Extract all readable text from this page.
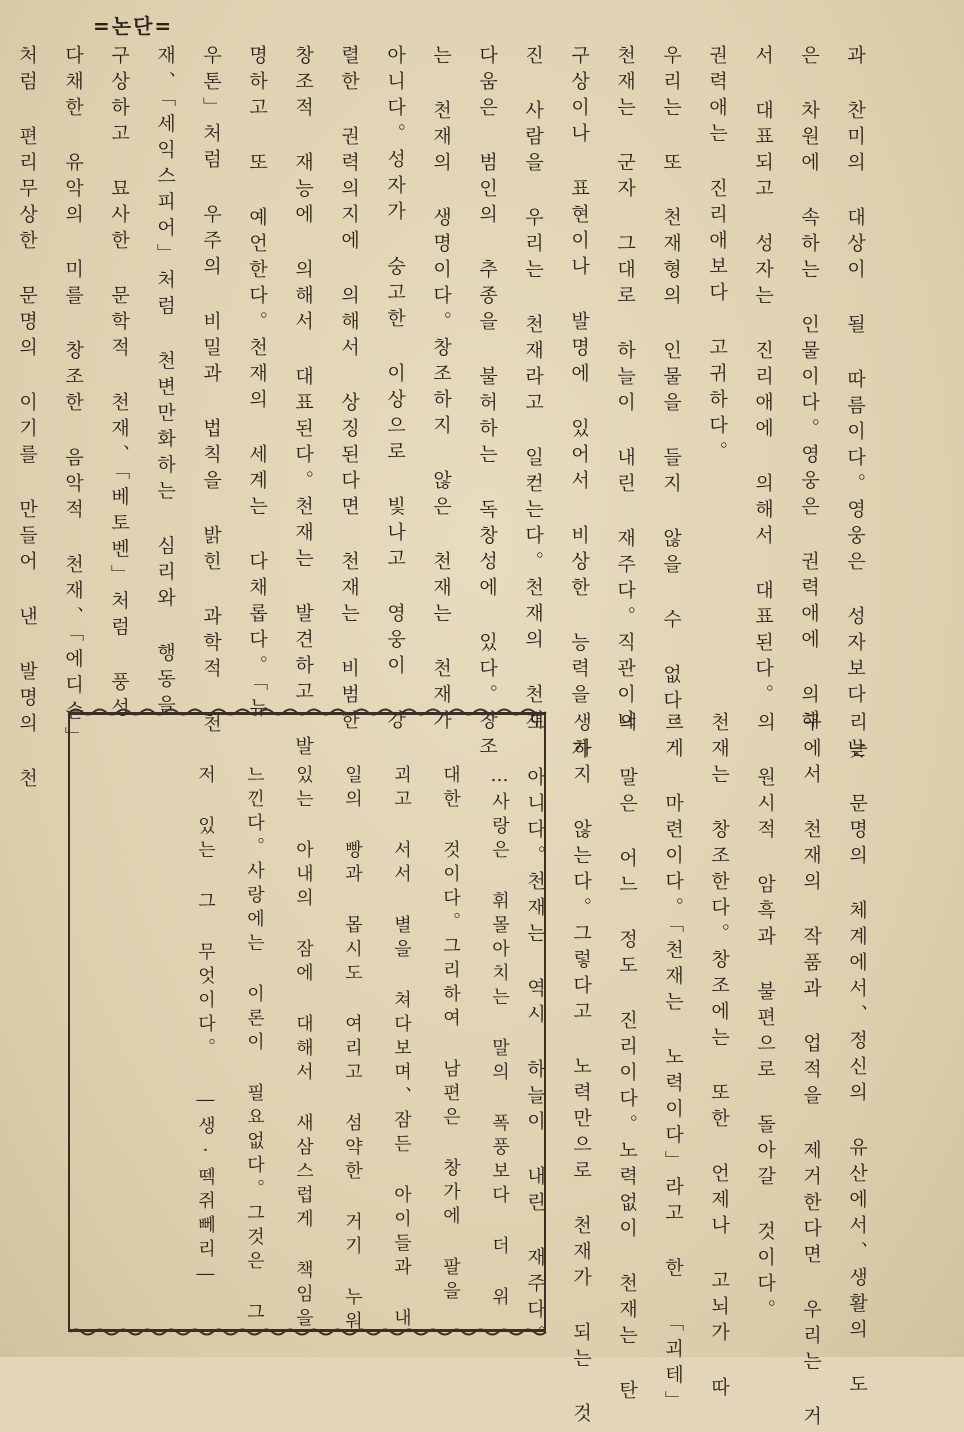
=논단=
과 찬미의 대상이 될 따름이다。영웅은 성자보다 낮
은 차원에 속하는 인물이다。영웅은 권력애에 의해
서 대표되고 성자는 진리애에 의해서 대표된다。
권력애는 진리애보다 고귀하다。
우리는 또 천재형의 인물을 들지 않을 수 없다。
천재는 군자 그대로 하늘이 내린 재주다。직관이나
구상이나 표현이나 발명에 있어서 비상한 능력을 가
진 사람을 우리는 천재라고 일컫는다。천재의 천재
다움은 범인의 추종을 불허하는 독창성에 있다。창조
는 천재의 생명이다。창조하지 않은 천재는 천재가
아니다。성자가 숭고한 이상으로 빛나고 영웅이 강
렬한 권력의지에 의해서 상징된다면 천재는 비범한
창조적 재능에 의해서 대표된다。천재는 발견하고 발
명하고 또 예언한다。천재의 세계는 다채롭다。「뉴
우톤」처럼 우주의 비밀과 법칙을 밝힌 과학적 천
재、「세익스피어」처럼 천변만화하는 심리와 행동을
구상하고 묘사한 문학적 천재、「베토벤」처럼 풍성
다채한 유악의 미를 창조한 음악적 천재、「에디슨」
처럼 편리무상한 문명의 이기를 만들어 낸 발명의 천
리는 문명의 체계에서、정신의 유산에서、생활의 도
구에서 천재의 작품과 업적을 제거한다면 우리는 거
의 원시적 암흑과 불편으로 돌아갈 것이다。
천재는 창조한다。창조에는 또한 언제나 고뇌가 따
르게 마련이다。「천재는 노력이다」라고 한 「괴테」
의 말은 어느 정도 진리이다。노력없이 천재는 탄
생하지 않는다。그렇다고 노력만으로 천재가 되는 것
도 아니다。천재는 역시 하늘이 내린 재주다。
…사랑은 휘몰아치는 말의 폭풍보다 더 위
대한 것이다。그리하여 남편은 창가에 팔을
괴고 서서 별을 쳐다보며、잠든 아이들과 내
일의 빵과 몹시도 여리고 섬약한 거기 누워
있는 아내의 잠에 대해서 새삼스럽게 책임을
느낀다。사랑에는 이론이 필요없다。그것은 그
저 있는 그 무엇이다。 ―생·떽쥐뻬리―
